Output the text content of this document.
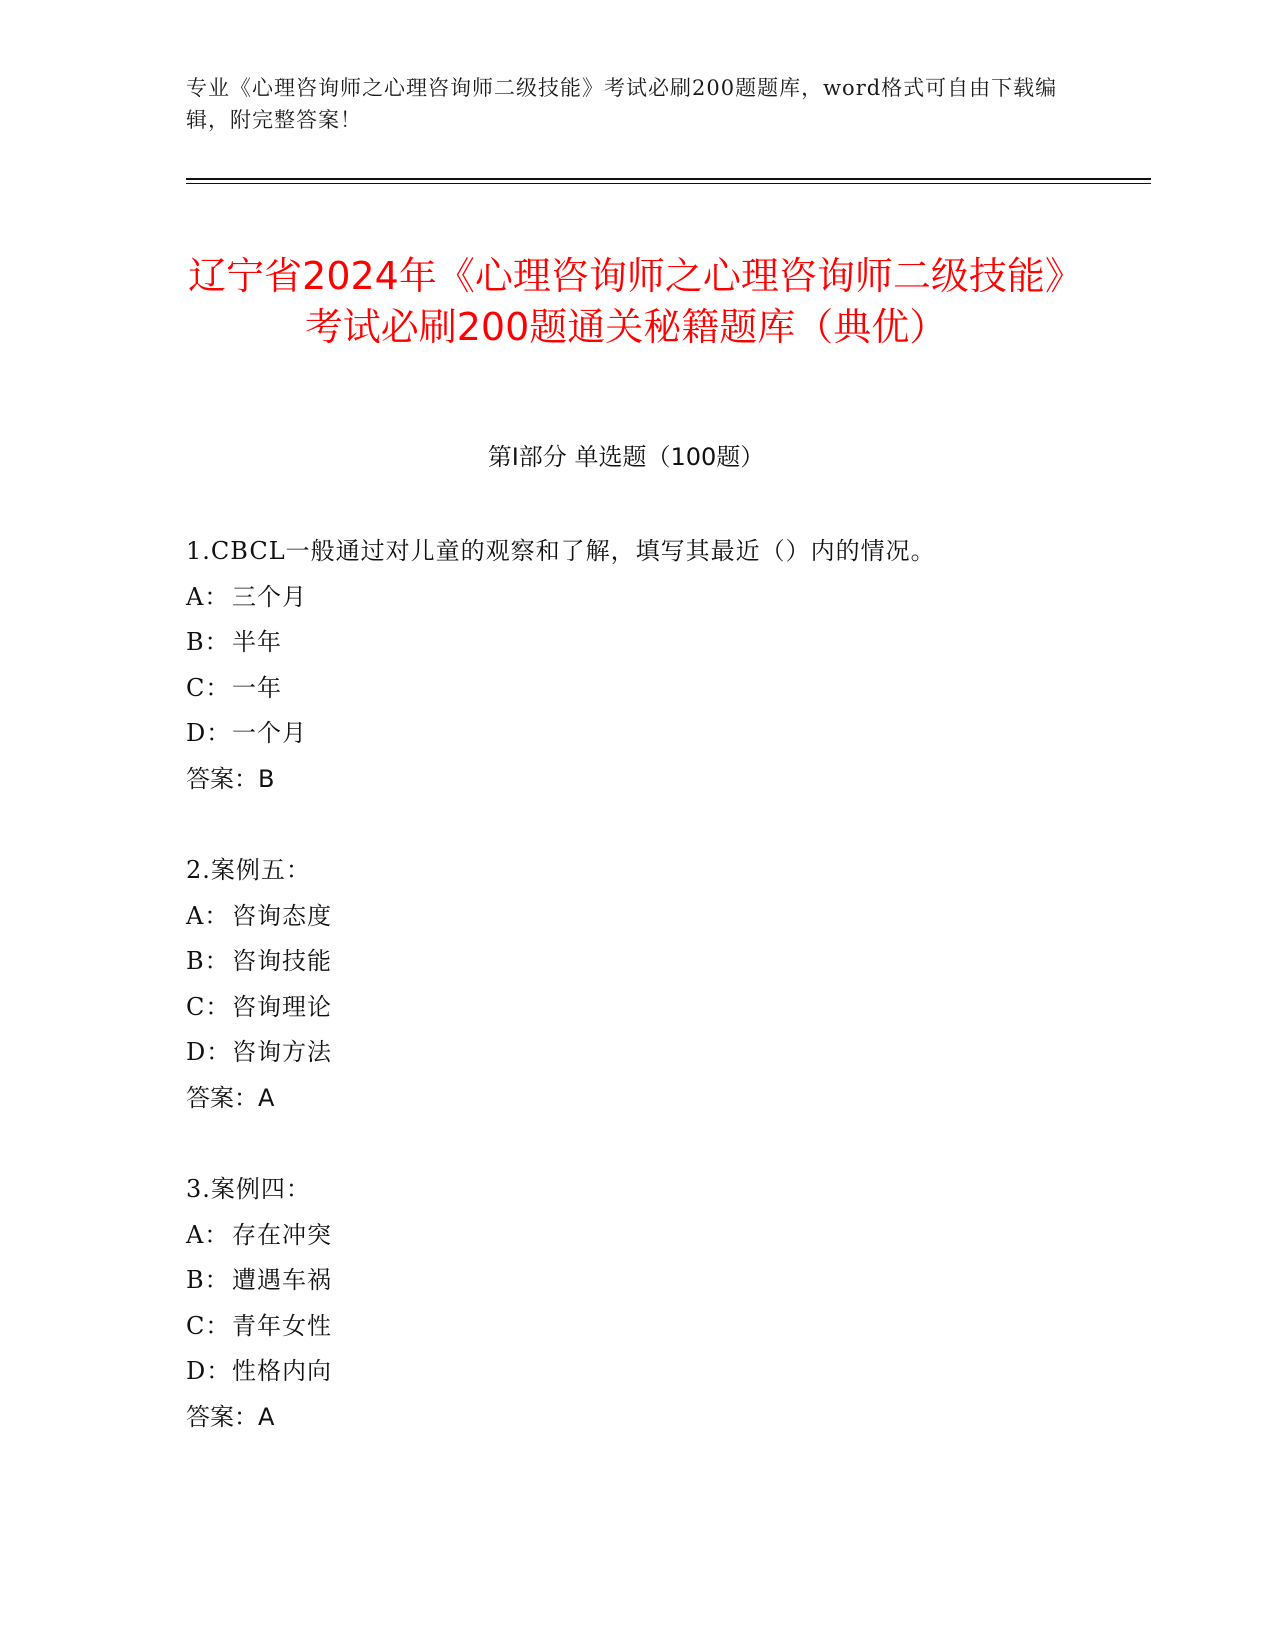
专业《心理咨询师之心理咨询师二级技能》考试必刷200题题库，word格式可自由下载编辑，附完整答案！
辽宁省2024年《心理咨询师之心理咨询师二级技能》考试必刷200题通关秘籍题库（典优）
第I部分 单选题（100题）
1.CBCL一般通过对儿童的观察和了解，填写其最近（）内的情况。
A： 三个月
B：半年
C：一年
D：一个月
答案：B
2.案例五：
A： 咨询态度
B：咨询技能
C：咨询理论
D：咨询方法
答案：A
3.案例四：
A： 存在冲突
B：遭遇车祸
C：青年女性
D：性格内向
答案：A
